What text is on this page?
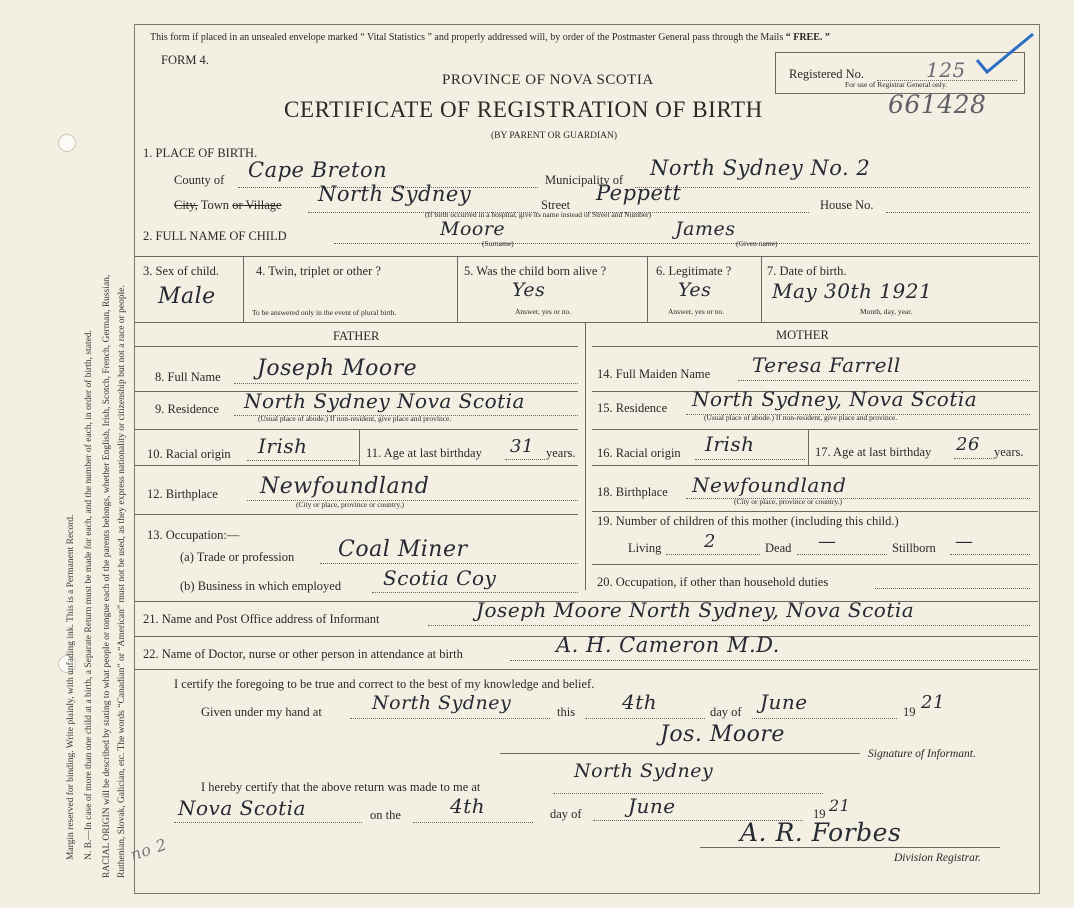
Margin reserved for binding. Write plainly, with unfading ink. This is a Permanent Record. N. B.—In case of more than one child at a birth, a Separate Return must be made for each, and the number of each, in order of birth, stated. RACIAL ORIGIN will be described by stating to what people or tongue each of the parents belongs, whether English, Irish, Scotch, French, German, Russian, Ruthenian, Slovak, Galician, etc. The words “Canadian” or “American” must not be used, as they express nationality or citizenship but not a race or people. no 2
This form if placed in an unsealed envelope marked “ Vital Statistics ” and properly addressed will, by order of the Postmaster General pass through the Mails “ FREE. ”
FORM 4.
PROVINCE OF NOVA SCOTIA
CERTIFICATE OF REGISTRATION OF BIRTH
(BY PARENT OR GUARDIAN)
Registered No.	125
For use of Registrar General only.
661428
1. PLACE OF BIRTH.
County of Cape Breton	Municipality of North Sydney No. 2
City, Town or Village North Sydney	Street Peppett	House No.
(If birth occurred in a hospital, give its name instead of Street and Number)
2. FULL NAME OF CHILD	Moore	James
(Surname)	(Given name)
3. Sex of child.
Male
4. Twin, triplet or other ?
To be answered only in the event of plural birth.
5. Was the child born alive ?
Yes
Answer, yes or no.
6. Legitimate ?
Yes
Answer, yes or no.
7. Date of birth.
May 30th 1921
Month, day, year.
FATHER	MOTHER
8. Full Name Joseph Moore
9. Residence North Sydney Nova Scotia
(Usual place of abode.) If non-resident, give place and province.
10. Racial origin Irish	11. Age at last birthday 31 years.
12. Birthplace Newfoundland
(City or place, province or country.)
13. Occupation:—
(a) Trade or profession Coal Miner
(b) Business in which employed Scotia Coy
14. Full Maiden Name Teresa Farrell
15. Residence North Sydney, Nova Scotia
(Usual place of abode.) If non-resident, give place and province.
16. Racial origin Irish	17. Age at last birthday 26 years.
18. Birthplace Newfoundland
(City or place, province or country.)
19. Number of children of this mother (including this child.)
Living 2	Dead —	Stillborn —
20. Occupation, if other than household duties
21. Name and Post Office address of Informant	Joseph Moore North Sydney, Nova Scotia
22. Name of Doctor, nurse or other person in attendance at birth	A. H. Cameron M.D.
I certify the foregoing to be true and correct to the best of my knowledge and belief.
Given under my hand at	North Sydney	this 4th	day of June	19 21
Jos. Moore
Signature of Informant.
I hereby certify that the above return was made to me at
North Sydney
Nova Scotia	on the 4th	day of June	19 21
A. R. Forbes
Division Registrar.
